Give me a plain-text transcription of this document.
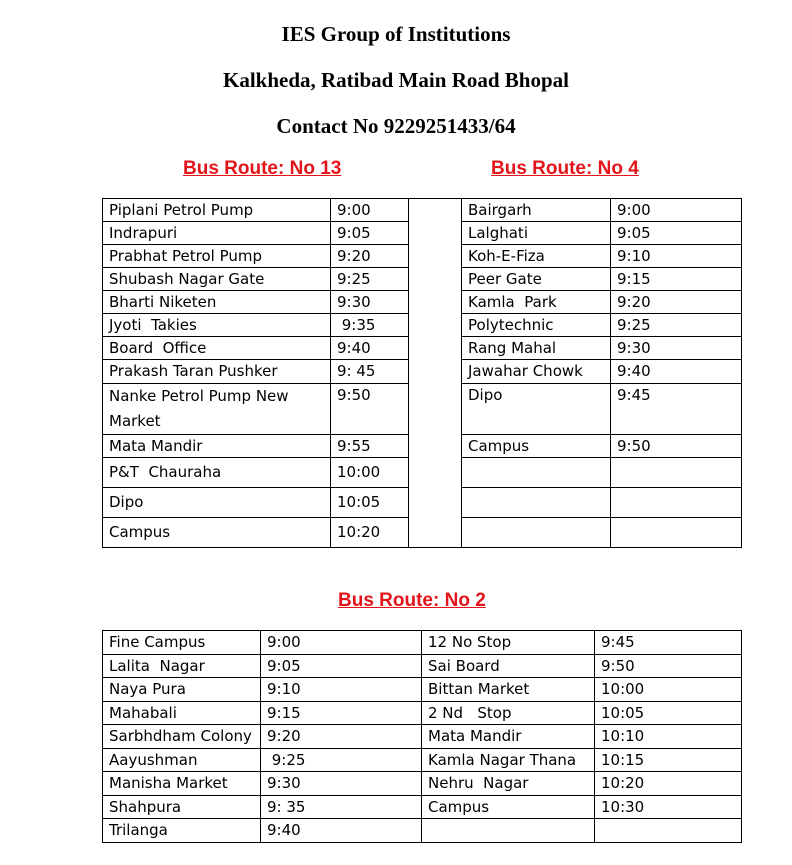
IES Group of Institutions
Kalkheda, Ratibad Main Road Bhopal
Contact No 9229251433/64
Bus Route: No 13	Bus Route: No 4
Piplani Petrol Pump	9:00		Bairgarh	9:00
Indrapuri	9:05		Lalghati	9:05
Prabhat Petrol Pump	9:20		Koh-E-Fiza	9:10
Shubash Nagar Gate	9:25		Peer Gate	9:15
Bharti Niketen	9:30		Kamla  Park	9:20
Jyoti  Takies	9:35		Polytechnic	9:25
Board  Office	9:40		Rang Mahal	9:30
Prakash Taran Pushker	9: 45		Jawahar Chowk	9:40
Nanke Petrol Pump New Market	9:50		Dipo	9:45
Mata Mandir	9:55		Campus	9:50
P&T  Chauraha	10:00			
Dipo	10:05			
Campus	10:20			
Bus Route: No 2
Fine Campus	9:00	12 No Stop	9:45
Lalita  Nagar	9:05	Sai Board	9:50
Naya Pura	9:10	Bittan Market	10:00
Mahabali	9:15	2 Nd   Stop	10:05
Sarbhdham Colony	9:20	Mata Mandir	10:10
Aayushman	9:25	Kamla Nagar Thana	10:15
Manisha Market	9:30	Nehru  Nagar	10:20
Shahpura	9: 35	Campus	10:30
Trilanga	9:40		
